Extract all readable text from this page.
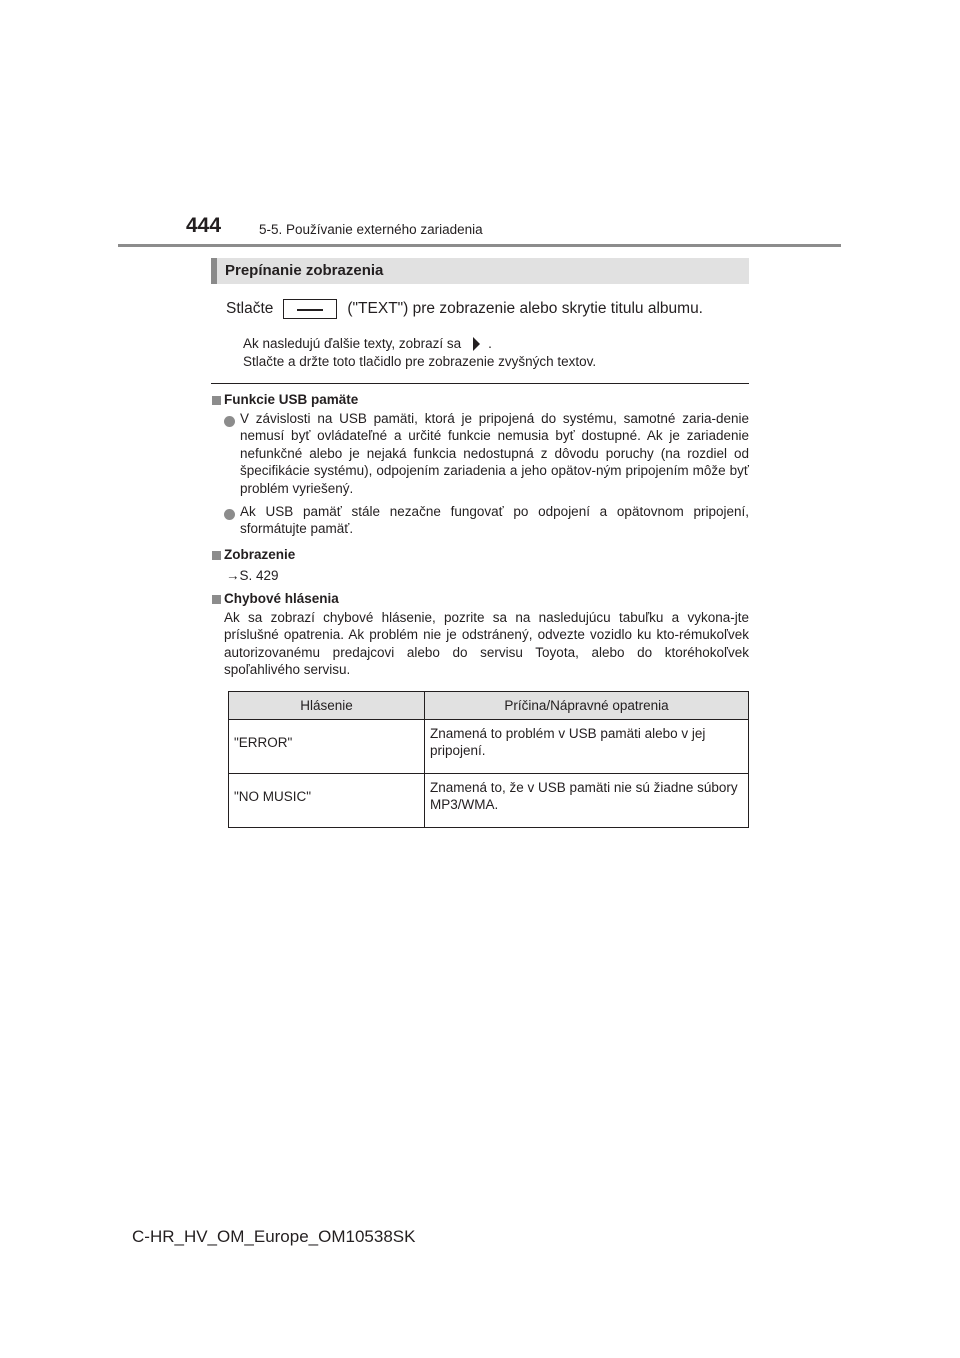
444	5-5. Používanie externého zariadenia
Prepínanie zobrazenia
Stlačte	("TEXT") pre zobrazenie alebo skrytie titulu albumu.
Ak nasledujú ďalšie texty, zobrazí sa .
Stlačte a držte toto tlačidlo pre zobrazenie zvyšných textov.
Funkcie USB pamäte
V závislosti na USB pamäti, ktorá je pripojená do systému, samotné zaria-denie nemusí byť ovládateľné a určité funkcie nemusia byť dostupné. Ak je zariadenie nefunkčné alebo je nejaká funkcia nedostupná z dôvodu poruchy (na rozdiel od špecifikácie systému), odpojením zariadenia a jeho opätov-ným pripojením môže byť problém vyriešený.
Ak USB pamäť stále nezačne fungovať po odpojení a opätovnom pripojení, sformátujte pamäť.
Zobrazenie
→S. 429
Chybové hlásenia
Ak sa zobrazí chybové hlásenie, pozrite sa na nasledujúcu tabuľku a vykona-jte príslušné opatrenia. Ak problém nie je odstránený, odvezte vozidlo ku kto-rémukoľvek autorizovanému predajcovi alebo do servisu Toyota, alebo do ktoréhokoľvek spoľahlivého servisu.
Hlásenie	Príčina/Nápravné opatrenia
"ERROR"	Znamená to problém v USB pamäti alebo v jej pripojení.
"NO MUSIC"	Znamená to, že v USB pamäti nie sú žiadne súbory MP3/WMA.
C-HR_HV_OM_Europe_OM10538SK
